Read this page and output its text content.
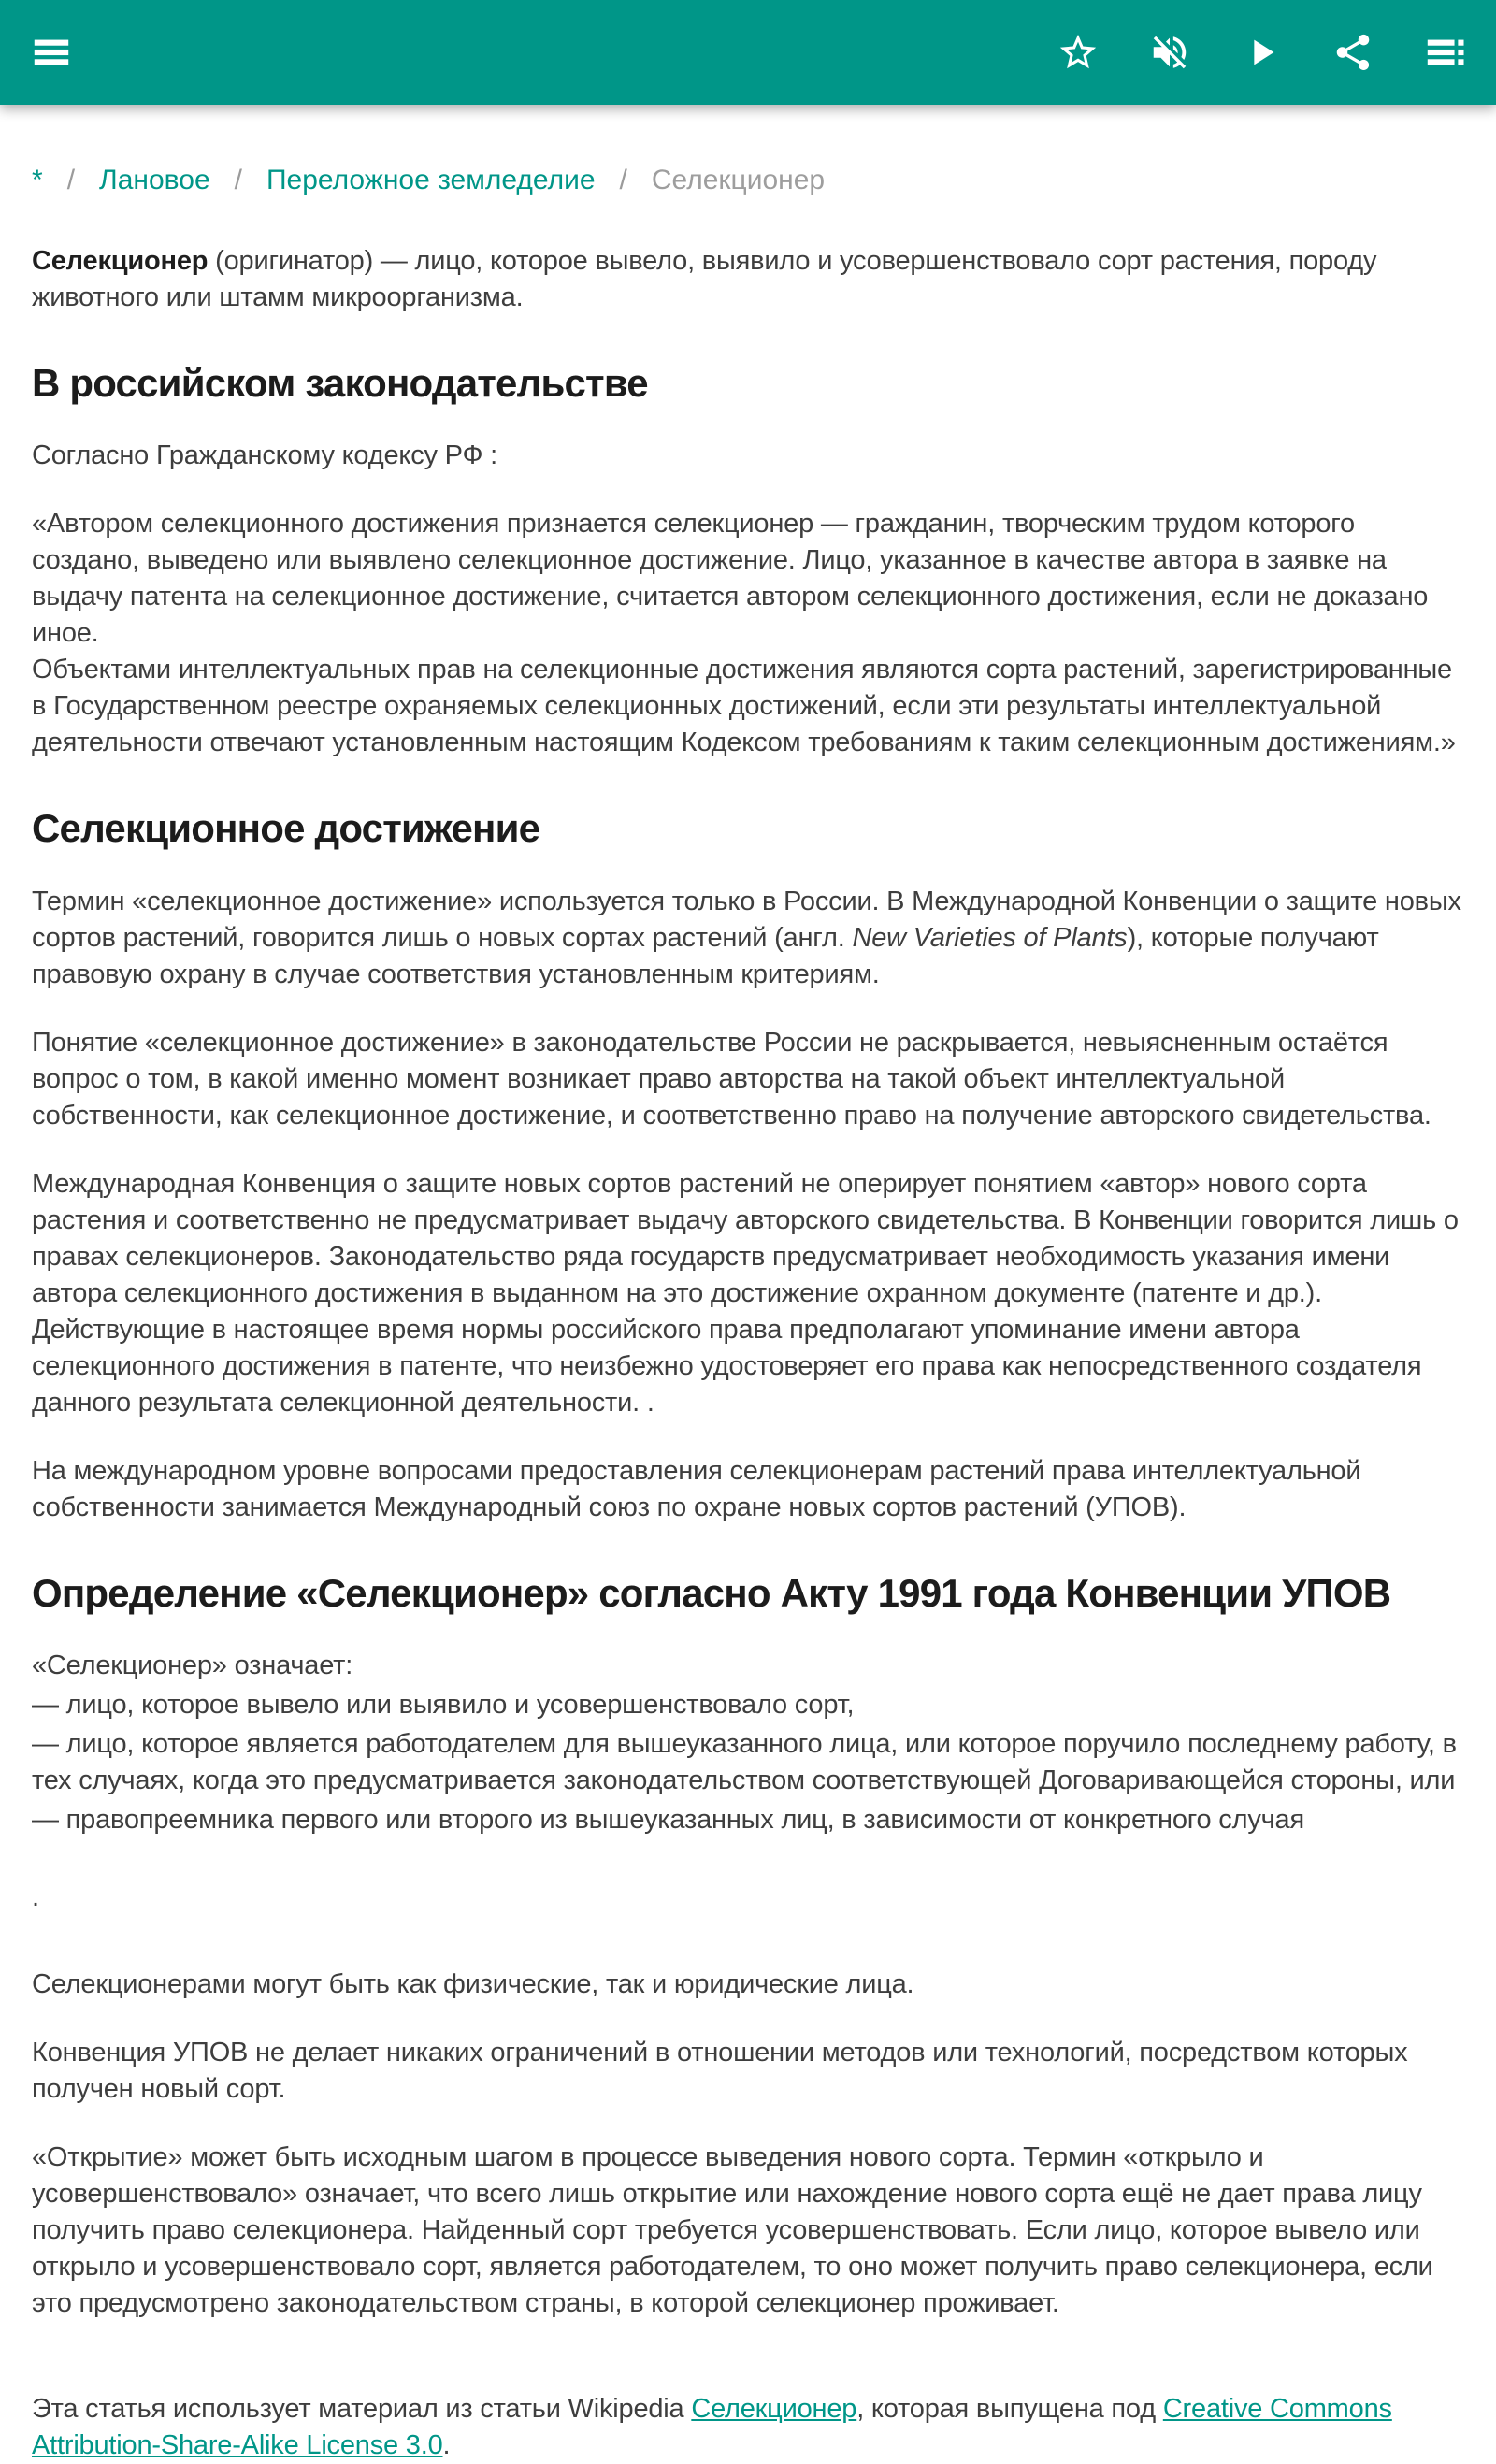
* / Лановое / Переложное земледелие / Селекционер

Селекционер (оригинатор) — лицо, которое вывело, выявило и усовершенствовало сорт растения, породу животного или штамм микроорганизма.

В российском законодательстве

Согласно Гражданскому кодексу РФ :

«Автором селекционного достижения признается селекционер — гражданин, творческим трудом которого создано, выведено или выявлено селекционное достижение. Лицо, указанное в качестве автора в заявке на выдачу патента на селекционное достижение, считается автором селекционного достижения, если не доказано иное.
Объектами интеллектуальных прав на селекционные достижения являются сорта растений, зарегистрированные в Государственном реестре охраняемых селекционных достижений, если эти результаты интеллектуальной деятельности отвечают установленным настоящим Кодексом требованиям к таким селекционным достижениям.»

Селекционное достижение

Термин «селекционное достижение» используется только в России. В Международной Конвенции о защите новых сортов растений, говорится лишь о новых сортах растений (англ. New Varieties of Plants), которые получают правовую охрану в случае соответствия установленным критериям.

Понятие «селекционное достижение» в законодательстве России не раскрывается, невыясненным остаётся вопрос о том, в какой именно момент возникает право авторства на такой объект интеллектуальной собственности, как селекционное достижение, и соответственно право на получение авторского свидетельства.

Международная Конвенция о защите новых сортов растений не оперирует понятием «автор» нового сорта растения и соответственно не предусматривает выдачу авторского свидетельства. В Конвенции говорится лишь о правах селекционеров. Законодательство ряда государств предусматривает необходимость указания имени автора селекционного достижения в выданном на это достижение охранном документе (патенте и др.). Действующие в настоящее время нормы российского права предполагают упоминание имени автора селекционного достижения в патенте, что неизбежно удостоверяет его права как непосредственного создателя данного результата селекционной деятельности. .

На международном уровне вопросами предоставления селекционерам растений права интеллектуальной собственности занимается Международный союз по охране новых сортов растений (УПОВ).

Определение «Селекционер» согласно Акту 1991 года Конвенции УПОВ
«Селекционер» означает:
— лицо, которое вывело или выявило и усовершенствовало сорт,
— лицо, которое является работодателем для вышеуказанного лица, или которое поручило последнему работу, в тех случаях, когда это предусматривается законодательством соответствующей Договаривающейся стороны, или
— правопреемника первого или второго из вышеуказанных лиц, в зависимости от конкретного случая

.

Селекционерами могут быть как физические, так и юридические лица.

Конвенция УПОВ не делает никаких ограничений в отношении методов или технологий, посредством которых получен новый сорт.

«Открытие» может быть исходным шагом в процессе выведения нового сорта. Термин «открыло и усовершенствовало» означает, что всего лишь открытие или нахождение нового сорта ещё не дает права лицу получить право селекционера. Найденный сорт требуется усовершенствовать. Если лицо, которое вывело или открыло и усовершенствовало сорт, является работодателем, то оно может получить право селекционера, если это предусмотрено законодательством страны, в которой селекционер проживает.

Эта статья использует материал из статьи Wikipedia Селекционер, которая выпущена под Creative Commons Attribution-Share-Alike License 3.0.
